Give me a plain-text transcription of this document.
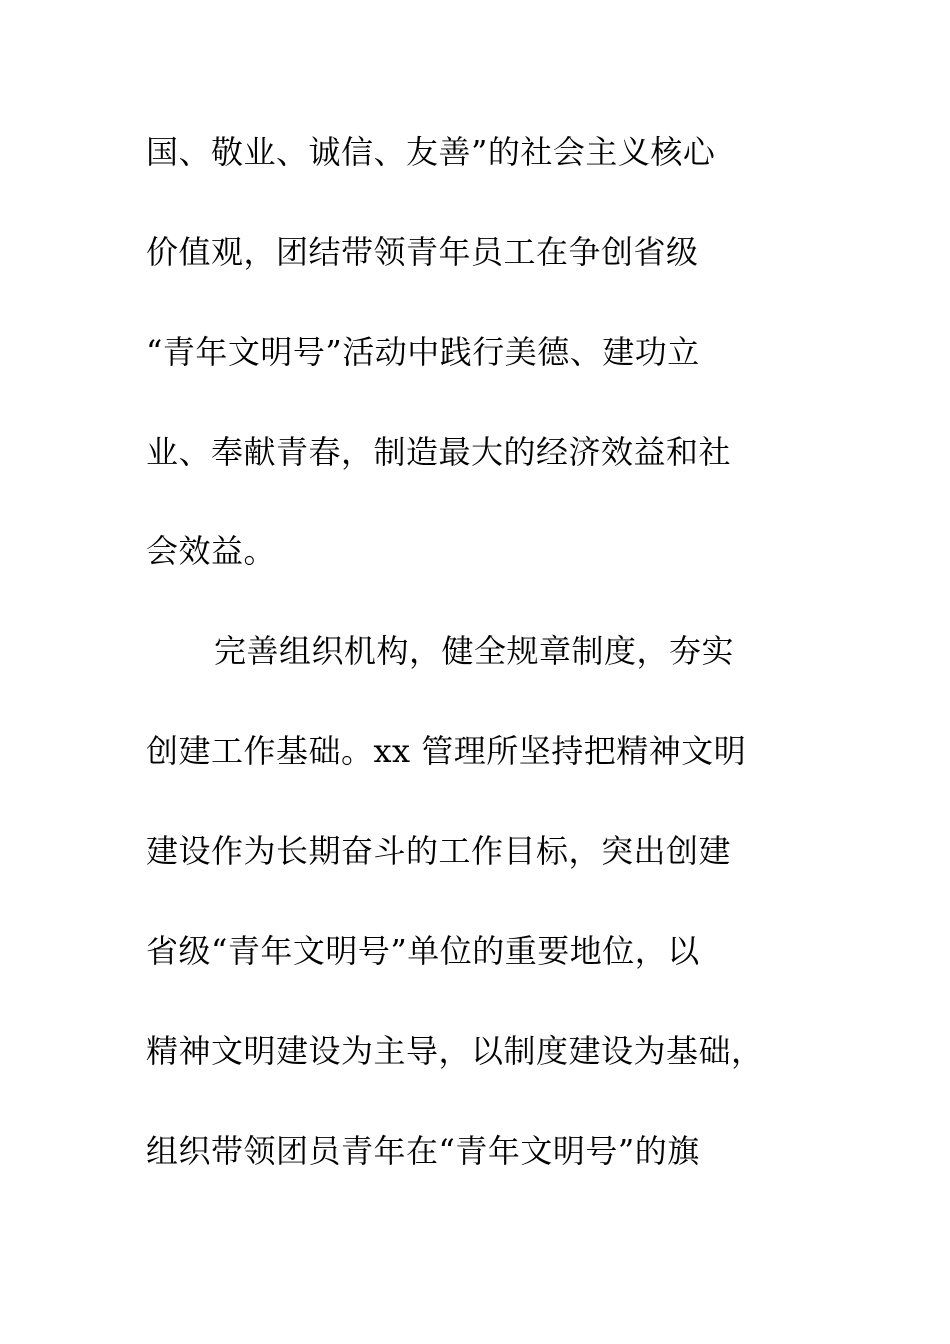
国、敬业、诚信、友善”的社会主义核心
价值观，团结带领青年员工在争创省级
“青年文明号”活动中践行美德、建功立
业、奉献青春，制造最大的经济效益和社
会效益。
完善组织机构，健全规章制度，夯实
创建工作基础。xx 管理所坚持把精神文明
建设作为长期奋斗的工作目标，突出创建
省级“青年文明号”单位的重要地位，以
精神文明建设为主导，以制度建设为基础，
组织带领团员青年在“青年文明号”的旗
